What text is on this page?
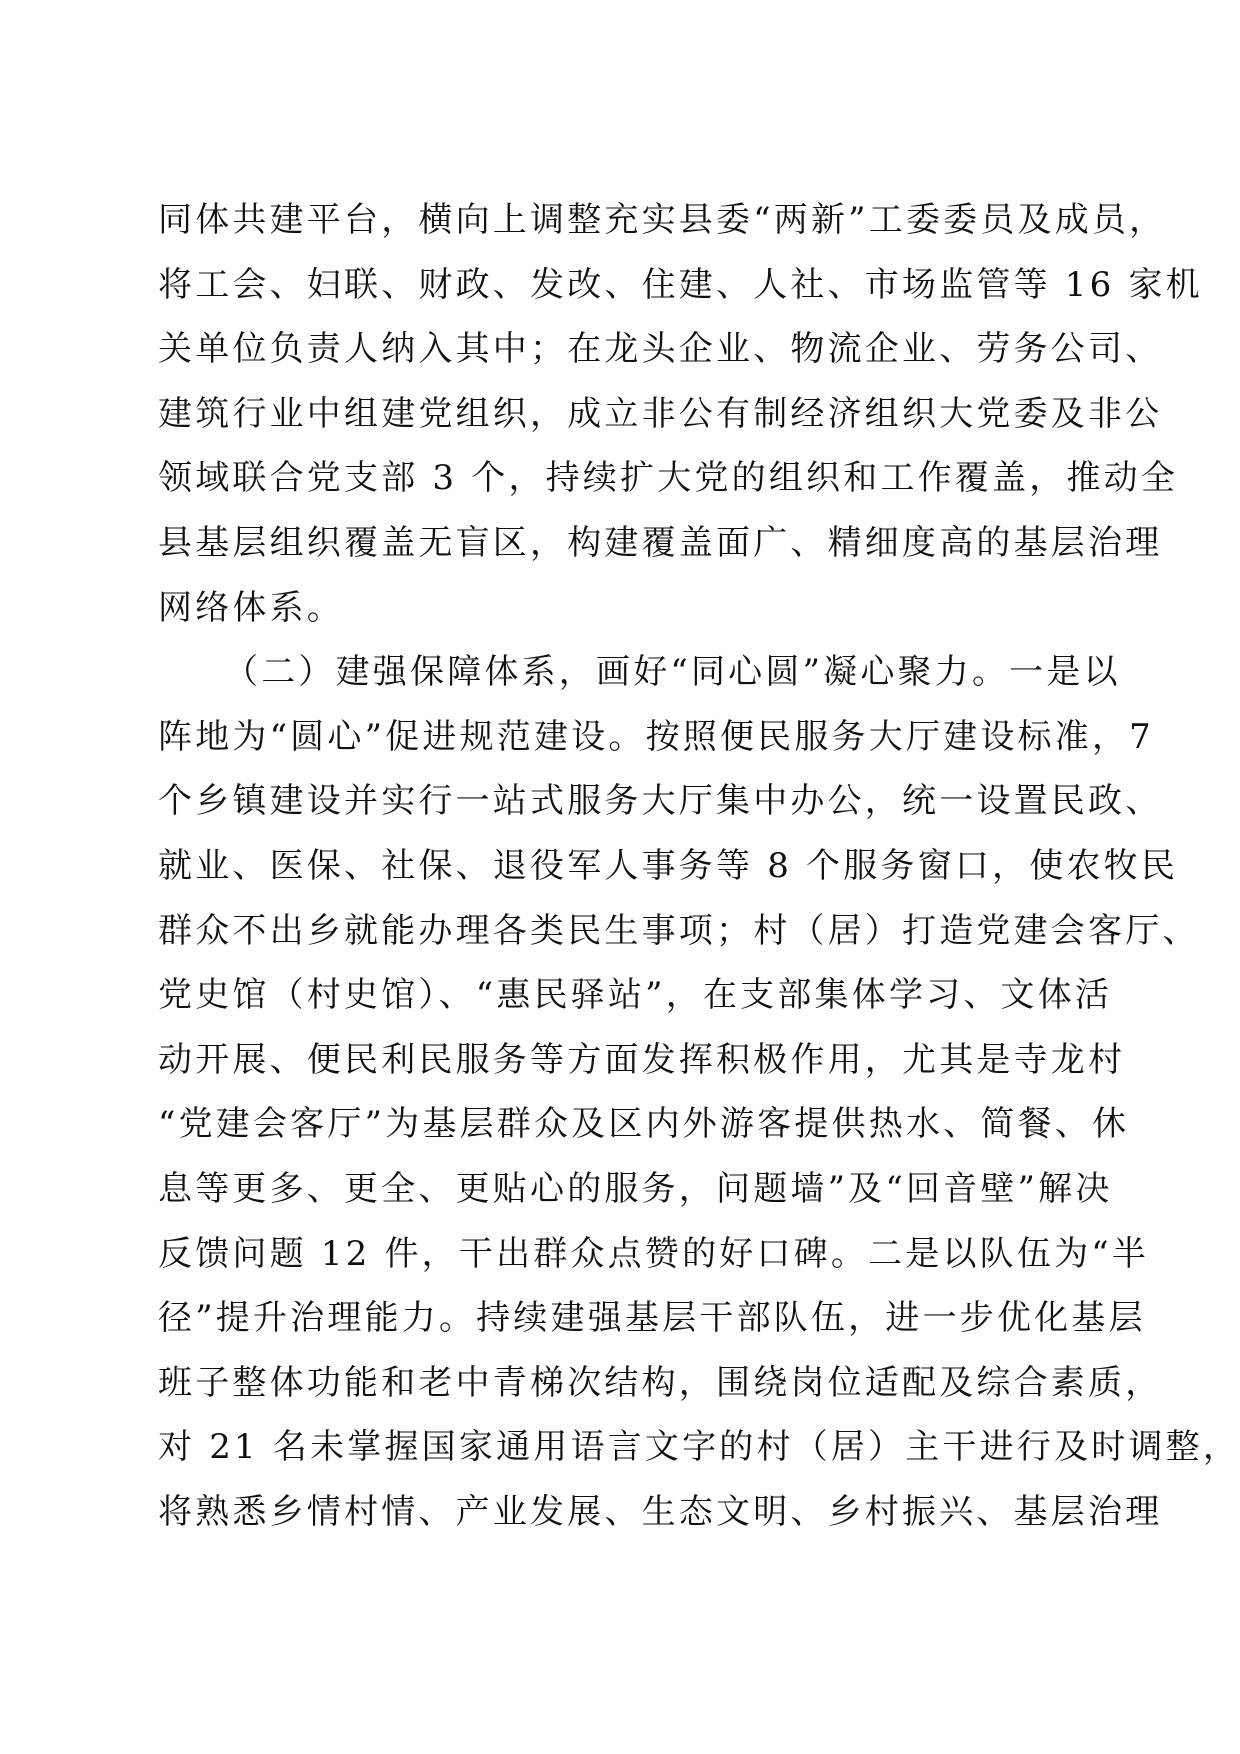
同体共建平台，横向上调整充实县委“两新”工委委员及成员，
将工会、妇联、财政、发改、住建、人社、市场监管等 16 家机
关单位负责人纳入其中；在龙头企业、物流企业、劳务公司、
建筑行业中组建党组织，成立非公有制经济组织大党委及非公
领域联合党支部 3 个，持续扩大党的组织和工作覆盖，推动全
县基层组织覆盖无盲区，构建覆盖面广、精细度高的基层治理
网络体系。
（二）建强保障体系，画好“同心圆”凝心聚力。一是以
阵地为“圆心”促进规范建设。按照便民服务大厅建设标准，7
个乡镇建设并实行一站式服务大厅集中办公，统一设置民政、
就业、医保、社保、退役军人事务等 8 个服务窗口，使农牧民
群众不出乡就能办理各类民生事项；村（居）打造党建会客厅、
党史馆（村史馆）、“惠民驿站”，在支部集体学习、文体活
动开展、便民利民服务等方面发挥积极作用，尤其是寺龙村
“党建会客厅”为基层群众及区内外游客提供热水、简餐、休
息等更多、更全、更贴心的服务，问题墙”及“回音壁”解决
反馈问题 12 件，干出群众点赞的好口碑。二是以队伍为“半
径”提升治理能力。持续建强基层干部队伍，进一步优化基层
班子整体功能和老中青梯次结构，围绕岗位适配及综合素质，
对 21 名未掌握国家通用语言文字的村（居）主干进行及时调整，
将熟悉乡情村情、产业发展、生态文明、乡村振兴、基层治理
